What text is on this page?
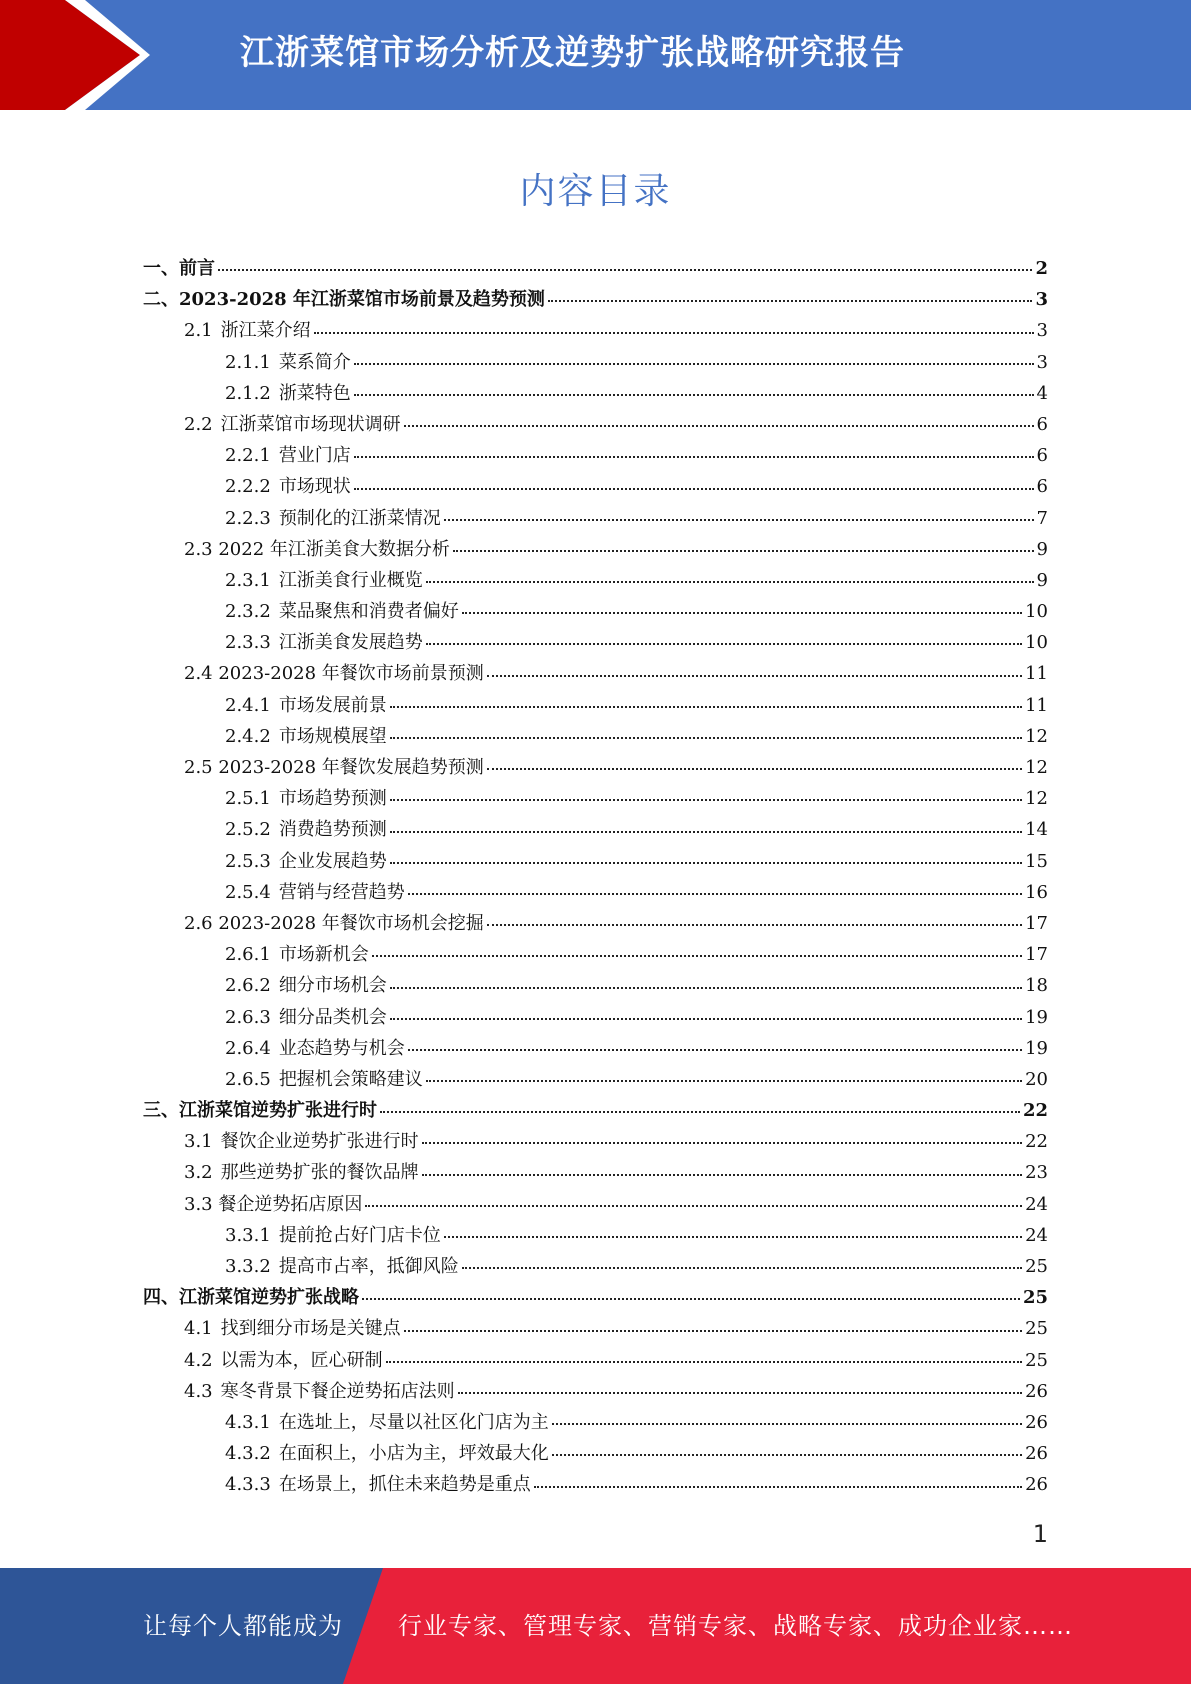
江浙菜馆市场分析及逆势扩张战略研究报告
内容目录
一、 前言	2
二、 2023-2028 年江浙菜馆市场前景及趋势预测	3
2.1 浙江菜介绍	3
2.1.1 菜系简介	3
2.1.2 浙菜特色	4
2.2 江浙菜馆市场现状调研	6
2.2.1 营业门店	6
2.2.2 市场现状	6
2.2.3 预制化的江浙菜情况	7
2.3 2022 年江浙美食大数据分析	9
2.3.1 江浙美食行业概览	9
2.3.2 菜品聚焦和消费者偏好	10
2.3.3 江浙美食发展趋势	10
2.4 2023-2028 年餐饮市场前景预测	11
2.4.1 市场发展前景	11
2.4.2 市场规模展望	12
2.5 2023-2028 年餐饮发展趋势预测	12
2.5.1 市场趋势预测	12
2.5.2 消费趋势预测	14
2.5.3 企业发展趋势	15
2.5.4 营销与经营趋势	16
2.6 2023-2028 年餐饮市场机会挖掘	17
2.6.1 市场新机会	17
2.6.2 细分市场机会	18
2.6.3 细分品类机会	19
2.6.4 业态趋势与机会	19
2.6.5 把握机会策略建议	20
三、 江浙菜馆逆势扩张进行时	22
3.1 餐饮企业逆势扩张进行时	22
3.2 那些逆势扩张的餐饮品牌	23
3.3 餐企逆势拓店原因	24
3.3.1 提前抢占好门店卡位	24
3.3.2 提高市占率，抵御风险	25
四、 江浙菜馆逆势扩张战略	25
4.1 找到细分市场是关键点	25
4.2 以需为本，匠心研制	25
4.3 寒冬背景下餐企逆势拓店法则	26
4.3.1 在选址上，尽量以社区化门店为主	26
4.3.2 在面积上，小店为主，坪效最大化	26
4.3.3 在场景上，抓住未来趋势是重点	26
1
让每个人都能成为 行业专家、管理专家、营销专家、战略专家、成功企业家……
